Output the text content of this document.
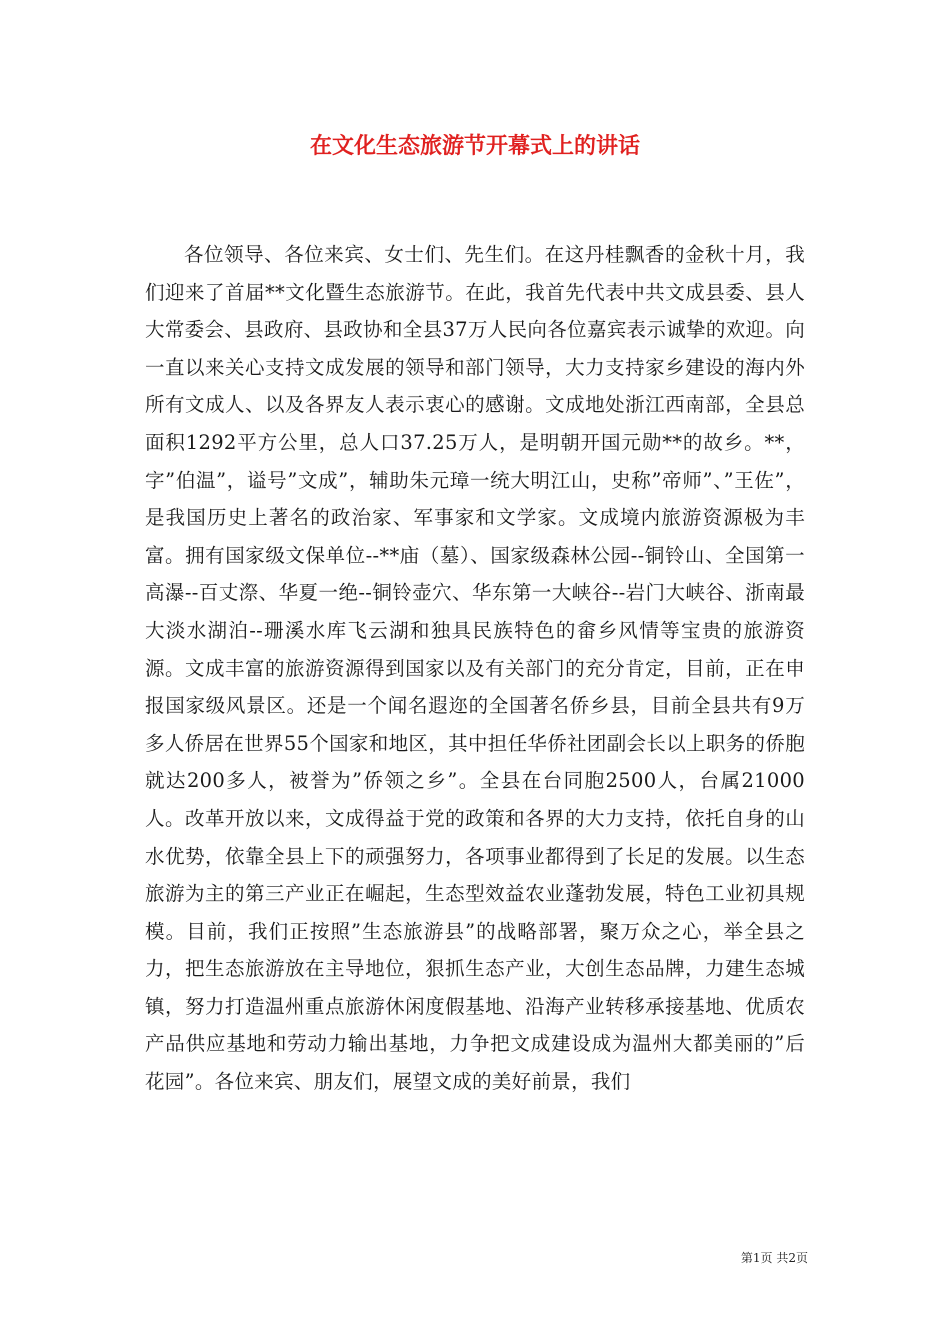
在文化生态旅游节开幕式上的讲话

各位领导、各位来宾、女士们、先生们。在这丹桂飘香的金秋十月，我们迎来了首届**文化暨生态旅游节。在此，我首先代表中共文成县委、县人大常委会、县政府、县政协和全县37万人民向各位嘉宾表示诚挚的欢迎。向一直以来关心支持文成发展的领导和部门领导，大力支持家乡建设的海内外所有文成人、以及各界友人表示衷心的感谢。文成地处浙江西南部，全县总面积1292平方公里，总人口37.25万人，是明朝开国元勋**的故乡。**，字”伯温”，谥号”文成”，辅助朱元璋一统大明江山，史称”帝师”、”王佐”，是我国历史上著名的政治家、军事家和文学家。文成境内旅游资源极为丰富。拥有国家级文保单位--**庙（墓）、国家级森林公园--铜铃山、全国第一高瀑--百丈漈、华夏一绝--铜铃壶穴、华东第一大峡谷--岩门大峡谷、浙南最大淡水湖泊--珊溪水库飞云湖和独具民族特色的畲乡风情等宝贵的旅游资源。文成丰富的旅游资源得到国家以及有关部门的充分肯定，目前，正在申报国家级风景区。还是一个闻名遐迩的全国著名侨乡县，目前全县共有9万多人侨居在世界55个国家和地区，其中担任华侨社团副会长以上职务的侨胞就达200多人，被誉为”侨领之乡”。全县在台同胞2500人，台属21000人。改革开放以来，文成得益于党的政策和各界的大力支持，依托自身的山水优势，依靠全县上下的顽强努力，各项事业都得到了长足的发展。以生态旅游为主的第三产业正在崛起，生态型效益农业蓬勃发展，特色工业初具规模。目前，我们正按照”生态旅游县”的战略部署，聚万众之心，举全县之力，把生态旅游放在主导地位，狠抓生态产业，大创生态品牌，力建生态城镇，努力打造温州重点旅游休闲度假基地、沿海产业转移承接基地、优质农产品供应基地和劳动力输出基地，力争把文成建设成为温州大都美丽的”后花园”。各位来宾、朋友们，展望文成的美好前景，我们

第1页 共2页
